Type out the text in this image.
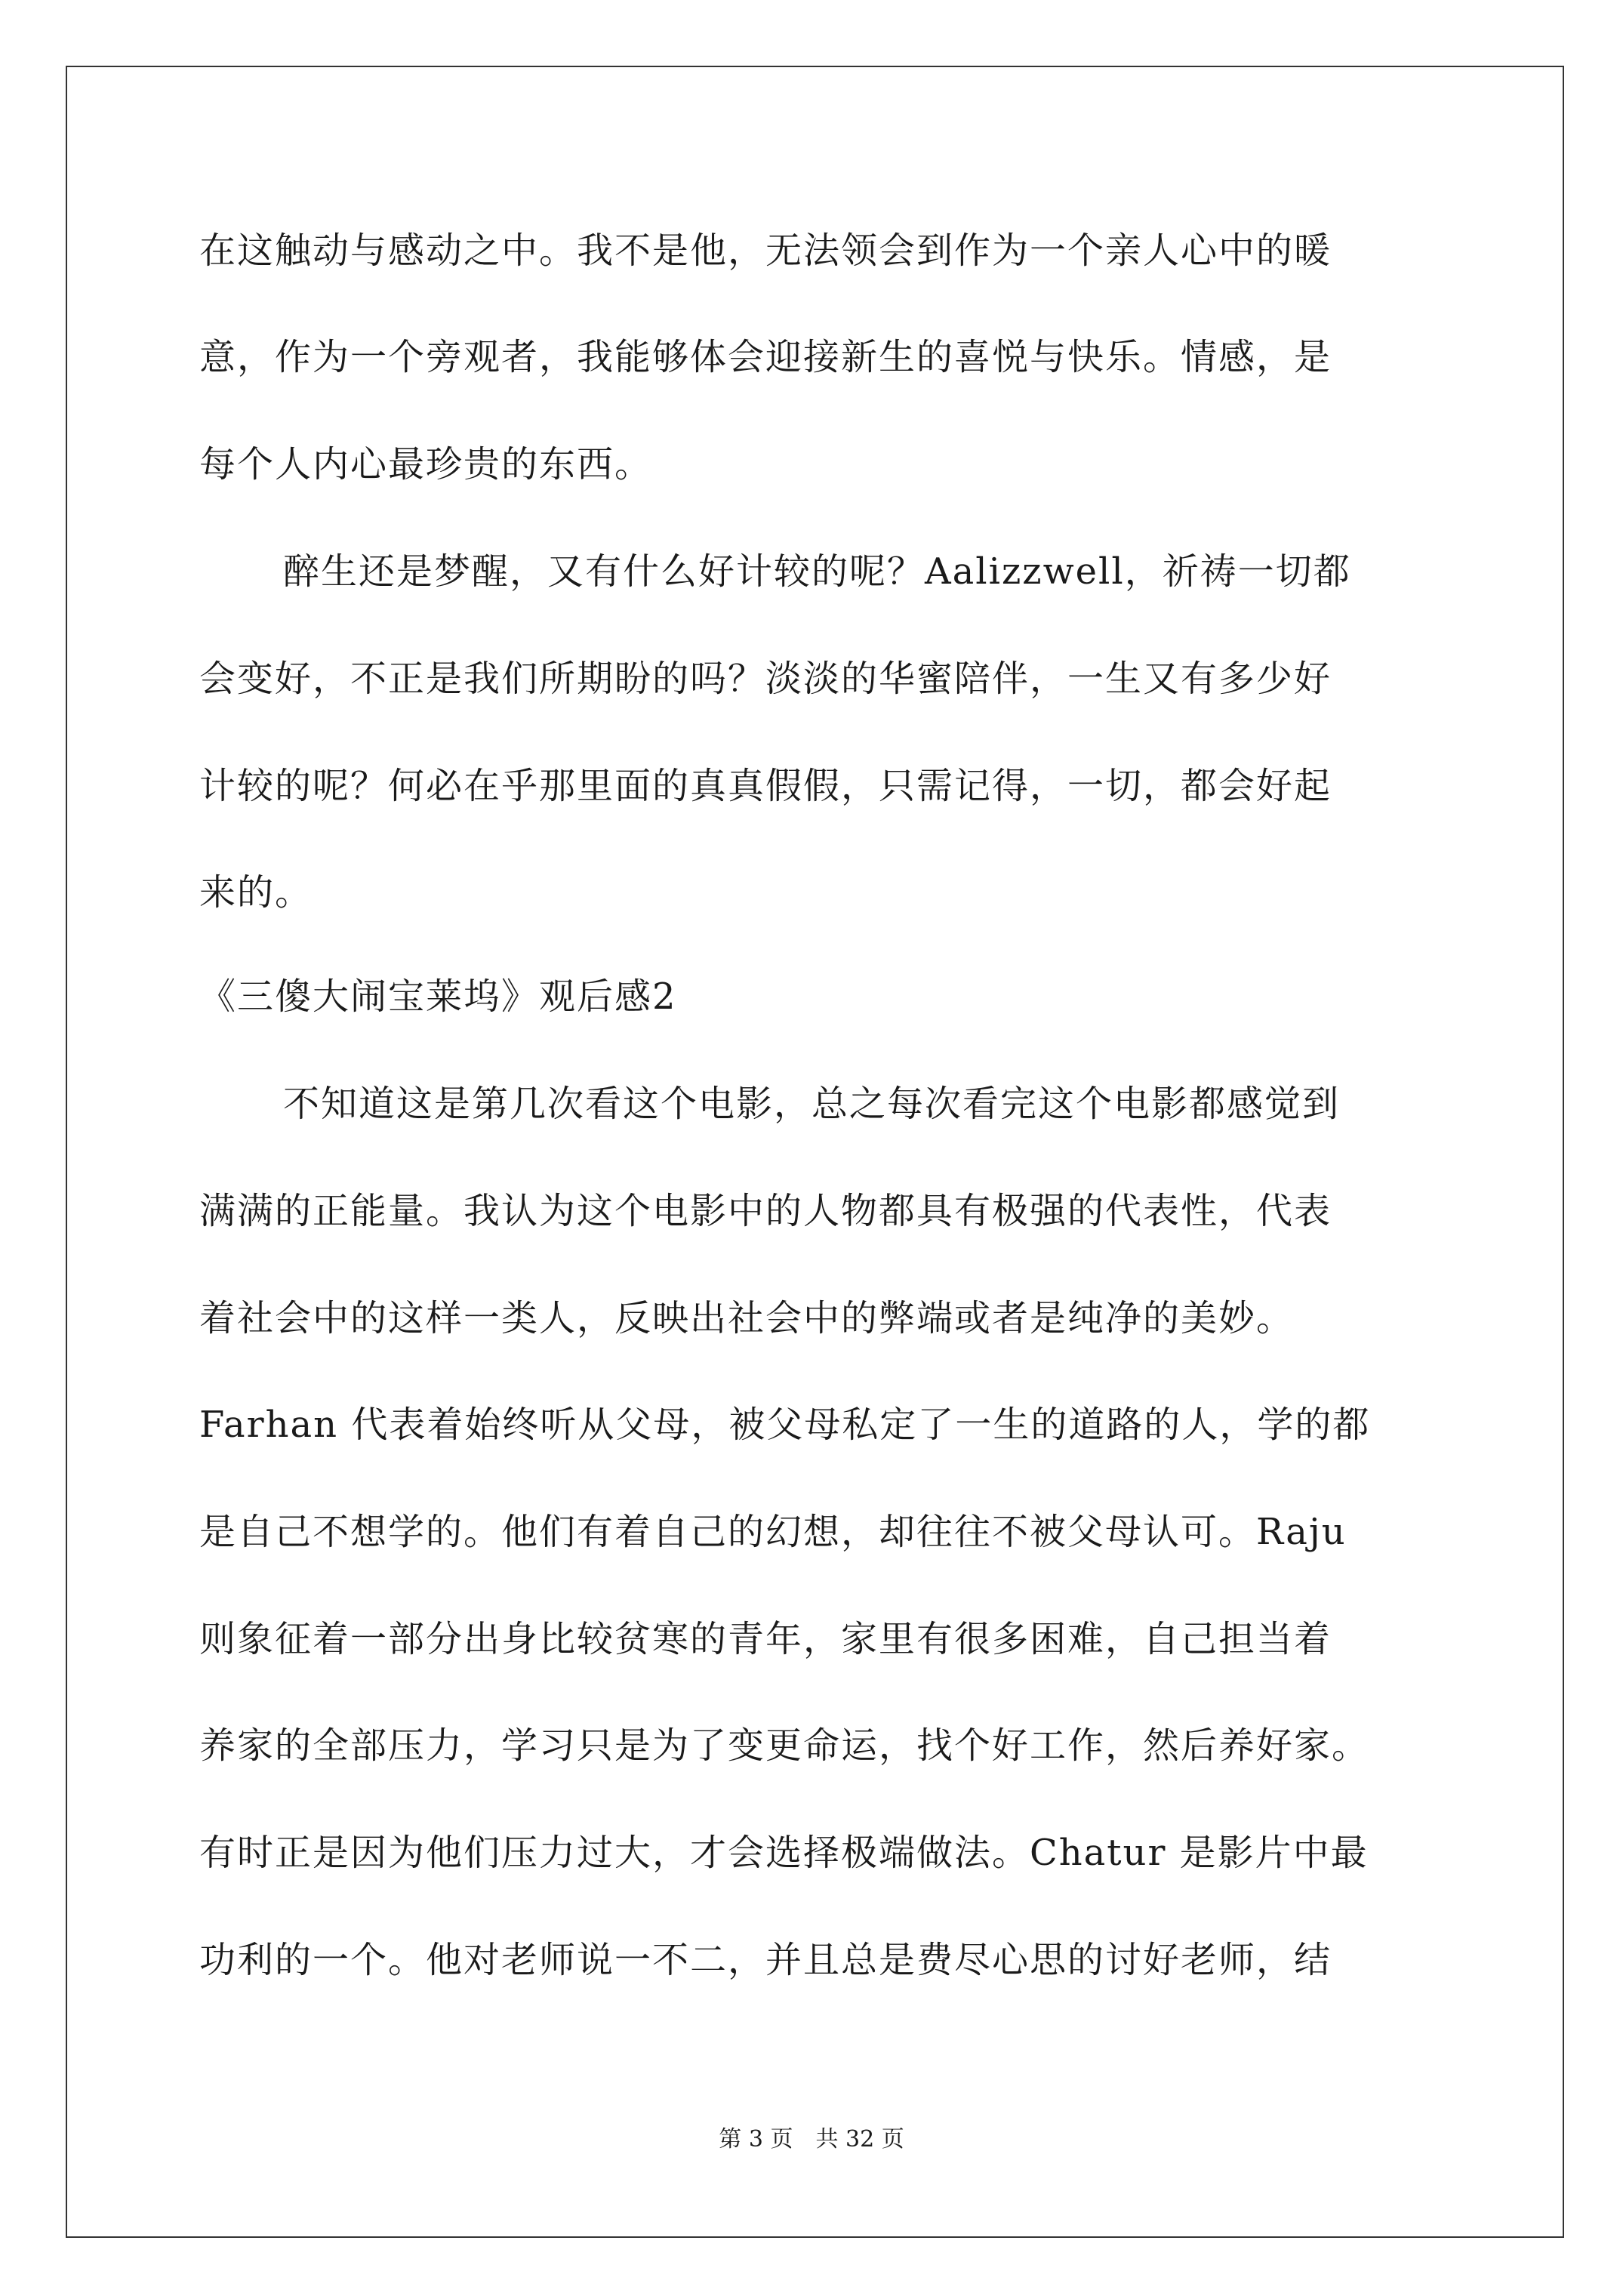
在这触动与感动之中。我不是他，无法领会到作为一个亲人心中的暖
意，作为一个旁观者，我能够体会迎接新生的喜悦与快乐。情感，是
每个人内心最珍贵的东西。
醉生还是梦醒，又有什么好计较的呢？Aalizzwell，祈祷一切都
会变好，不正是我们所期盼的吗？淡淡的华蜜陪伴，一生又有多少好
计较的呢？何必在乎那里面的真真假假，只需记得，一切，都会好起
来的。
《三傻大闹宝莱坞》观后感2
不知道这是第几次看这个电影，总之每次看完这个电影都感觉到
满满的正能量。我认为这个电影中的人物都具有极强的代表性，代表
着社会中的这样一类人，反映出社会中的弊端或者是纯净的美妙。
Farhan 代表着始终听从父母，被父母私定了一生的道路的人，学的都
是自己不想学的。他们有着自己的幻想，却往往不被父母认可。Raju
则象征着一部分出身比较贫寒的青年，家里有很多困难，自己担当着
养家的全部压力，学习只是为了变更命运，找个好工作，然后养好家。
有时正是因为他们压力过大，才会选择极端做法。Chatur 是影片中最
功利的一个。他对老师说一不二，并且总是费尽心思的讨好老师，结
第 3 页　共 32 页
